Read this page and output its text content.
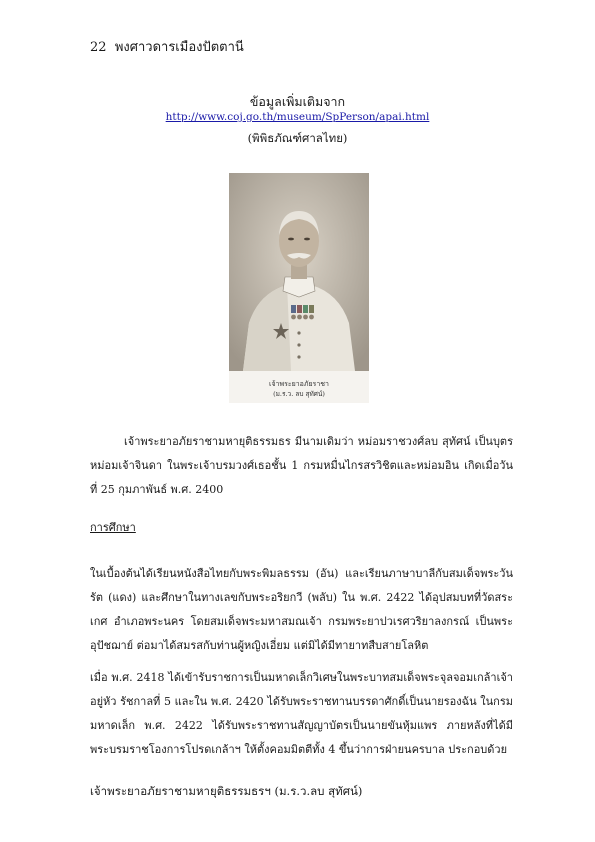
22 พงศาวดารเมืองปัตตานี
ข้อมูลเพิ่มเติมจาก
http://www.coj.go.th/museum/SpPerson/apai.html
(พิพิธภัณฑ์ศาลไทย)
เจ้าพระยาอภัยราชา
(ม.ร.ว. ลบ สุทัศน์)
เจ้าพระยาอภัยราชามหายุติธรรมธร มีนามเดิมว่า หม่อมราชวงศ์ลบ สุทัศน์ เป็นบุตรหม่อมเจ้าจินดา ในพระเจ้าบรมวงศ์เธอชั้น 1 กรมหมื่นไกรสรวิชิตและหม่อมอิน เกิดเมื่อวันที่ 25 กุมภาพันธ์ พ.ศ. 2400
การศึกษา
ในเบื้องต้นได้เรียนหนังสือไทยกับพระพิมลธรรม (อัน) และเรียนภาษาบาลีกับสมเด็จพระวันรัต (แดง) และศึกษาในทางเลขกับพระอริยกวี (พลับ) ใน พ.ศ. 2422 ได้อุปสมบทที่วัดสระเกศ อำเภอพระนคร โดยสมเด็จพระมหาสมณเจ้า กรมพระยาปวเรศวริยาลงกรณ์ เป็นพระอุปัชฌาย์ ต่อมาได้สมรสกับท่านผู้หญิงเอี่ยม แต่มิได้มีทายาทสืบสายโลหิต
เมื่อ พ.ศ. 2418 ได้เข้ารับราชการเป็นมหาดเล็กวิเศษในพระบาทสมเด็จพระจุลจอมเกล้าเจ้าอยู่หัว รัชกาลที่ 5 และใน พ.ศ. 2420 ได้รับพระราชทานบรรดาศักดิ์เป็นนายรองฉัน ในกรมมหาดเล็ก พ.ศ. 2422 ได้รับพระราชทานสัญญาบัตรเป็นนายขันหุ้มแพร ภายหลังที่ได้มีพระบรมราชโองการโปรดเกล้าฯ ให้ตั้งคอมมิตตีทั้ง 4 ขึ้นว่าการฝ่ายนครบาล ประกอบด้วย
เจ้าพระยาอภัยราชามหายุติธรรมธรฯ (ม.ร.ว.ลบ สุทัศน์)
